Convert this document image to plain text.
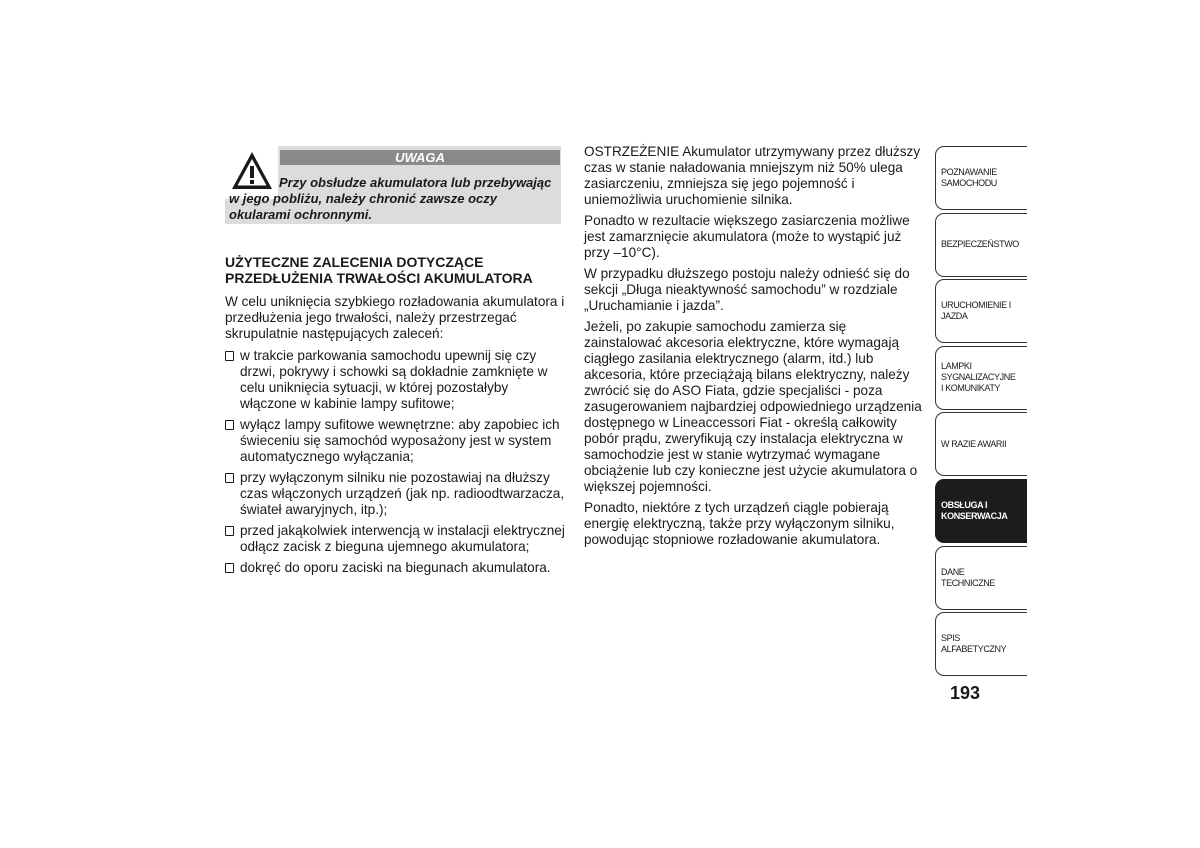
UWAGA
Przy obsłudze akumulatora lub przebywając w jego pobliżu, należy chronić zawsze oczy okularami ochronnymi.
UŻYTECZNE ZALECENIA DOTYCZĄCE PRZEDŁUŻENIA TRWAŁOŚCI AKUMULATORA
W celu uniknięcia szybkiego rozładowania akumulatora i przedłużenia jego trwałości, należy przestrzegać skrupulatnie następujących zaleceń:
w trakcie parkowania samochodu upewnij się czy drzwi, pokrywy i schowki są dokładnie zamknięte w celu uniknięcia sytuacji, w której pozostałyby włączone w kabinie lampy sufitowe;
wyłącz lampy sufitowe wewnętrzne: aby zapobiec ich świeceniu się samochód wyposażony jest w system automatycznego wyłączania;
przy wyłączonym silniku nie pozostawiaj na dłuższy czas włączonych urządzeń (jak np. radioodtwarzacza, świateł awaryjnych, itp.);
przed jakąkolwiek interwencją w instalacji elektrycznej odłącz zacisk z bieguna ujemnego akumulatora;
dokręć do oporu zaciski na biegunach akumulatora.

OSTRZEŻENIE Akumulator utrzymywany przez dłuższy czas w stanie naładowania mniejszym niż 50% ulega zasiarczeniu, zmniejsza się jego pojemność i uniemożliwia uruchomienie silnika.

Ponadto w rezultacie większego zasiarczenia możliwe jest zamarznięcie akumulatora (może to wystąpić już przy –10°C).

W przypadku dłuższego postoju należy odnieść się do sekcji „Długa nieaktywność samochodu” w rozdziale „Uruchamianie i jazda”.

Jeżeli, po zakupie samochodu zamierza się zainstalować akcesoria elektryczne, które wymagają ciągłego zasilania elektrycznego (alarm, itd.) lub akcesoria, które przeciążają bilans elektryczny, należy zwrócić się do ASO Fiata, gdzie specjaliści - poza zasugerowaniem najbardziej odpowiedniego urządzenia dostępnego w Lineaccessori Fiat - określą całkowity pobór prądu, zweryfikują czy instalacja elektryczna w samochodzie jest w stanie wytrzymać wymagane obciążenie lub czy konieczne jest użycie akumulatora o większej pojemności.

Ponadto, niektóre z tych urządzeń ciągle pobierają energię elektryczną, także przy wyłączonym silniku, powodując stopniowe rozładowanie akumulatora.

POZNAWANIE SAMOCHODU
BEZPIECZEŃSTWO
URUCHOMIENIE I JAZDA
LAMPKI SYGNALIZACYJNE I KOMUNIKATY
W RAZIE AWARII
OBSŁUGA I KONSERWACJA
DANE TECHNICZNE
SPIS ALFABETYCZNY
193
